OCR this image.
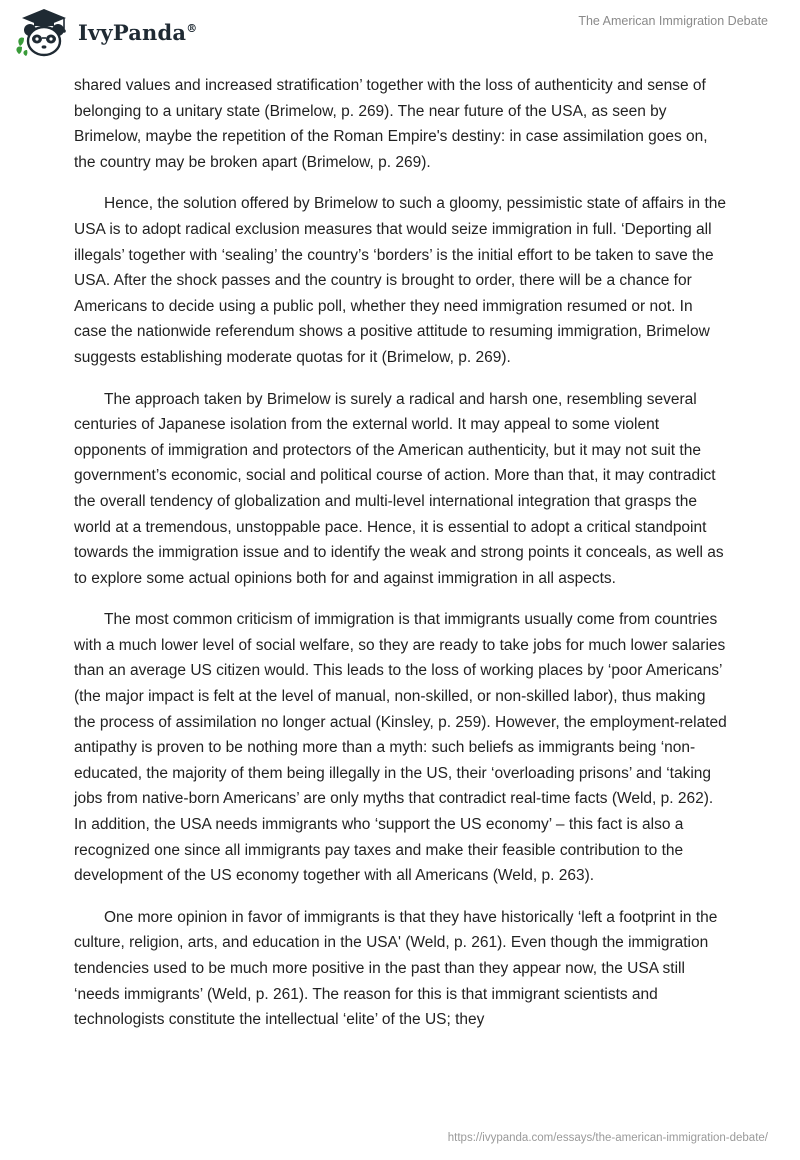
IvyPanda®
The American Immigration Debate

shared values and increased stratification’ together with the loss of authenticity and sense of belonging to a unitary state (Brimelow, p. 269). The near future of the USA, as seen by Brimelow, maybe the repetition of the Roman Empire's destiny: in case assimilation goes on, the country may be broken apart (Brimelow, p. 269).

Hence, the solution offered by Brimelow to such a gloomy, pessimistic state of affairs in the USA is to adopt radical exclusion measures that would seize immigration in full. ‘Deporting all illegals’ together with ‘sealing’ the country’s ‘borders’ is the initial effort to be taken to save the USA. After the shock passes and the country is brought to order, there will be a chance for Americans to decide using a public poll, whether they need immigration resumed or not. In case the nationwide referendum shows a positive attitude to resuming immigration, Brimelow suggests establishing moderate quotas for it (Brimelow, p. 269).

The approach taken by Brimelow is surely a radical and harsh one, resembling several centuries of Japanese isolation from the external world. It may appeal to some violent opponents of immigration and protectors of the American authenticity, but it may not suit the government’s economic, social and political course of action. More than that, it may contradict the overall tendency of globalization and multi-level international integration that grasps the world at a tremendous, unstoppable pace. Hence, it is essential to adopt a critical standpoint towards the immigration issue and to identify the weak and strong points it conceals, as well as to explore some actual opinions both for and against immigration in all aspects.

The most common criticism of immigration is that immigrants usually come from countries with a much lower level of social welfare, so they are ready to take jobs for much lower salaries than an average US citizen would. This leads to the loss of working places by ‘poor Americans’ (the major impact is felt at the level of manual, non-skilled, or non-skilled labor), thus making the process of assimilation no longer actual (Kinsley, p. 259). However, the employment-related antipathy is proven to be nothing more than a myth: such beliefs as immigrants being ‘non-educated, the majority of them being illegally in the US, their ‘overloading prisons’ and ‘taking jobs from native-born Americans’ are only myths that contradict real-time facts (Weld, p. 262). In addition, the USA needs immigrants who ‘support the US economy’ – this fact is also a recognized one since all immigrants pay taxes and make their feasible contribution to the development of the US economy together with all Americans (Weld, p. 263).

One more opinion in favor of immigrants is that they have historically ‘left a footprint in the culture, religion, arts, and education in the USA' (Weld, p. 261). Even though the immigration tendencies used to be much more positive in the past than they appear now, the USA still ‘needs immigrants’ (Weld, p. 261). The reason for this is that immigrant scientists and technologists constitute the intellectual ‘elite’ of the US; they

https://ivypanda.com/essays/the-american-immigration-debate/
